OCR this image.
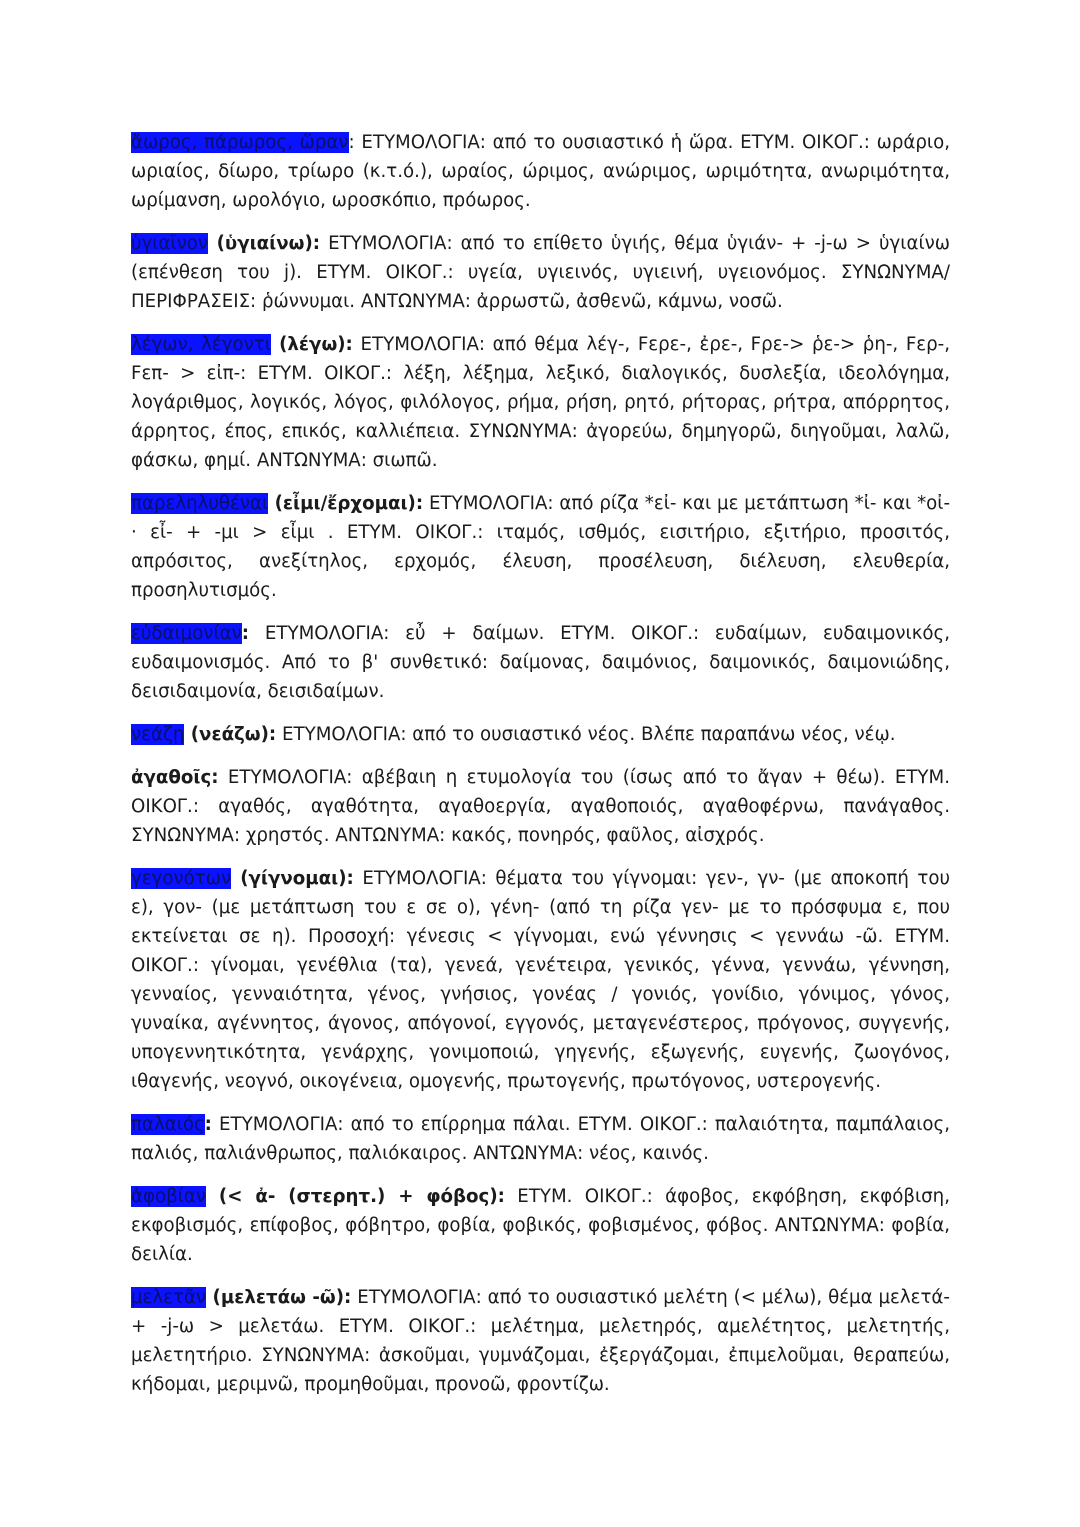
ἄωρος, πάρωρος, ὥραν: ΕΤΥΜΟΛΟΓΙΑ: από το ουσιαστικό ἡ ὥρα. ΕΤΥΜ. ΟΙΚΟΓ.: ωράριο, ωριαίος, δίωρο, τρίωρο (κ.τ.ό.), ωραίος, ώριμος, ανώριμος, ωριμότητα, ανωριμότητα, ωρίμανση, ωρολόγιο, ωροσκόπιο, πρόωρος.

ὑγιαῖνον (ὑγιαίνω): ΕΤΥΜΟΛΟΓΙΑ: από το επίθετο ὑγιής, θέμα ὑγιάν- + -j-ω > ὑγιαίνω (επένθεση του j). ΕΤΥΜ. ΟΙΚΟΓ.: υγεία, υγιεινός, υγιεινή, υγειονόμος. ΣΥΝΩΝΥΜΑ/ΠΕΡΙΦΡΑΣΕΙΣ: ῥώννυμαι. ΑΝΤΩΝΥΜΑ: ἀρρωστῶ, ἀσθενῶ, κάμνω, νοσῶ.

λέγων, λέγοντι (λέγω): ΕΤΥΜΟΛΟΓΙΑ: από θέμα λέγ-, Fερε-, ἐρε-, Fρε-> ῥε-> ῥη-, Fερ-, Fεπ- > εἰπ-: ΕΤΥΜ. ΟΙΚΟΓ.: λέξη, λέξημα, λεξικό, διαλογικός, δυσλεξία, ιδεολόγημα, λογάριθμος, λογικός, λόγος, φιλόλογος, ρήμα, ρήση, ρητό, ρήτορας, ρήτρα, απόρρητος, άρρητος, έπος, επικός, καλλιέπεια. ΣΥΝΩΝΥΜΑ: ἀγορεύω, δημηγορῶ, διηγοῦμαι, λαλῶ, φάσκω, φημί. ΑΝΤΩΝΥΜΑ: σιωπῶ.

παρεληλυθέναι (εἶμι/ἔρχομαι): ΕΤΥΜΟΛΟΓΙΑ: από ρίζα *εἰ- και με μετάπτωση *ἰ- και *οἰ- · εἶ- + -μι > εἶμι . ΕΤΥΜ. ΟΙΚΟΓ.: ιταμός, ισθμός, εισιτήριο, εξιτήριο, προσιτός, απρόσιτος, ανεξίτηλος, ερχομός, έλευση, προσέλευση, διέλευση, ελευθερία, προσηλυτισμός.

εὐδαιμονίαν: ΕΤΥΜΟΛΟΓΙΑ: εὖ + δαίμων. ΕΤΥΜ. ΟΙΚΟΓ.: ευδαίμων, ευδαιμονικός, ευδαιμονισμός. Από το β' συνθετικό: δαίμονας, δαιμόνιος, δαιμονικός, δαιμονιώδης, δεισιδαιμονία, δεισιδαίμων.

νεάζῃ (νεάζω): ΕΤΥΜΟΛΟΓΙΑ: από το ουσιαστικό νέος. Βλέπε παραπάνω νέος, νέῳ.

ἀγαθοῖς: ΕΤΥΜΟΛΟΓΙΑ: αβέβαιη η ετυμολογία του (ίσως από το ἄγαν + θέω). ΕΤΥΜ. ΟΙΚΟΓ.: αγαθός, αγαθότητα, αγαθοεργία, αγαθοποιός, αγαθοφέρνω, πανάγαθος. ΣΥΝΩΝΥΜΑ: χρηστός. ΑΝΤΩΝΥΜΑ: κακός, πονηρός, φαῦλος, αἰσχρός.

γεγονότων (γίγνομαι): ΕΤΥΜΟΛΟΓΙΑ: θέματα του γίγνομαι: γεν-, γν- (με αποκοπή του ε), γον- (με μετάπτωση του ε σε ο), γένη- (από τη ρίζα γεν- με το πρόσφυμα ε, που εκτείνεται σε η). Προσοχή: γένεσις < γίγνομαι, ενώ γέννησις < γεννάω -ῶ. ΕΤΥΜ. ΟΙΚΟΓ.: γίνομαι, γενέθλια (τα), γενεά, γενέτειρα, γενικός, γέννα, γεννάω, γέννηση, γενναίος, γενναιότητα, γένος, γνήσιος, γονέας / γονιός, γονίδιο, γόνιμος, γόνος, γυναίκα, αγέννητος, άγονος, απόγονοί, εγγονός, μεταγενέστερος, πρόγονος, συγγενής, υπογεννητικότητα, γενάρχης, γονιμοποιώ, γηγενής, εξωγενής, ευγενής, ζωογόνος, ιθαγενής, νεογνό, οικογένεια, ομογενής, πρωτογενής, πρωτόγονος, υστερογενής.

παλαιός: ΕΤΥΜΟΛΟΓΙΑ: από το επίρρημα πάλαι. ΕΤΥΜ. ΟΙΚΟΓ.: παλαιότητα, παμπάλαιος, παλιός, παλιάνθρωπος, παλιόκαιρος. ΑΝΤΩΝΥΜΑ: νέος, καινός.

ἀφοβίαν (< ἀ- (στερητ.) + φόβος): ΕΤΥΜ. ΟΙΚΟΓ.: άφοβος, εκφόβηση, εκφόβιση, εκφοβισμός, επίφοβος, φόβητρο, φοβία, φοβικός, φοβισμένος, φόβος. ΑΝΤΩΝΥΜΑ: φοβία, δειλία.

μελετᾶν (μελετάω -ῶ): ΕΤΥΜΟΛΟΓΙΑ: από το ουσιαστικό μελέτη (< μέλω), θέμα μελετά- + -j-ω > μελετάω. ΕΤΥΜ. ΟΙΚΟΓ.: μελέτημα, μελετηρός, αμελέτητος, μελετητής, μελετητήριο. ΣΥΝΩΝΥΜΑ: ἀσκοῦμαι, γυμνάζομαι, ἐξεργάζομαι, ἐπιμελοῦμαι, θεραπεύω, κήδομαι, μεριμνῶ, προμηθοῦμαι, προνοῶ, φροντίζω.
